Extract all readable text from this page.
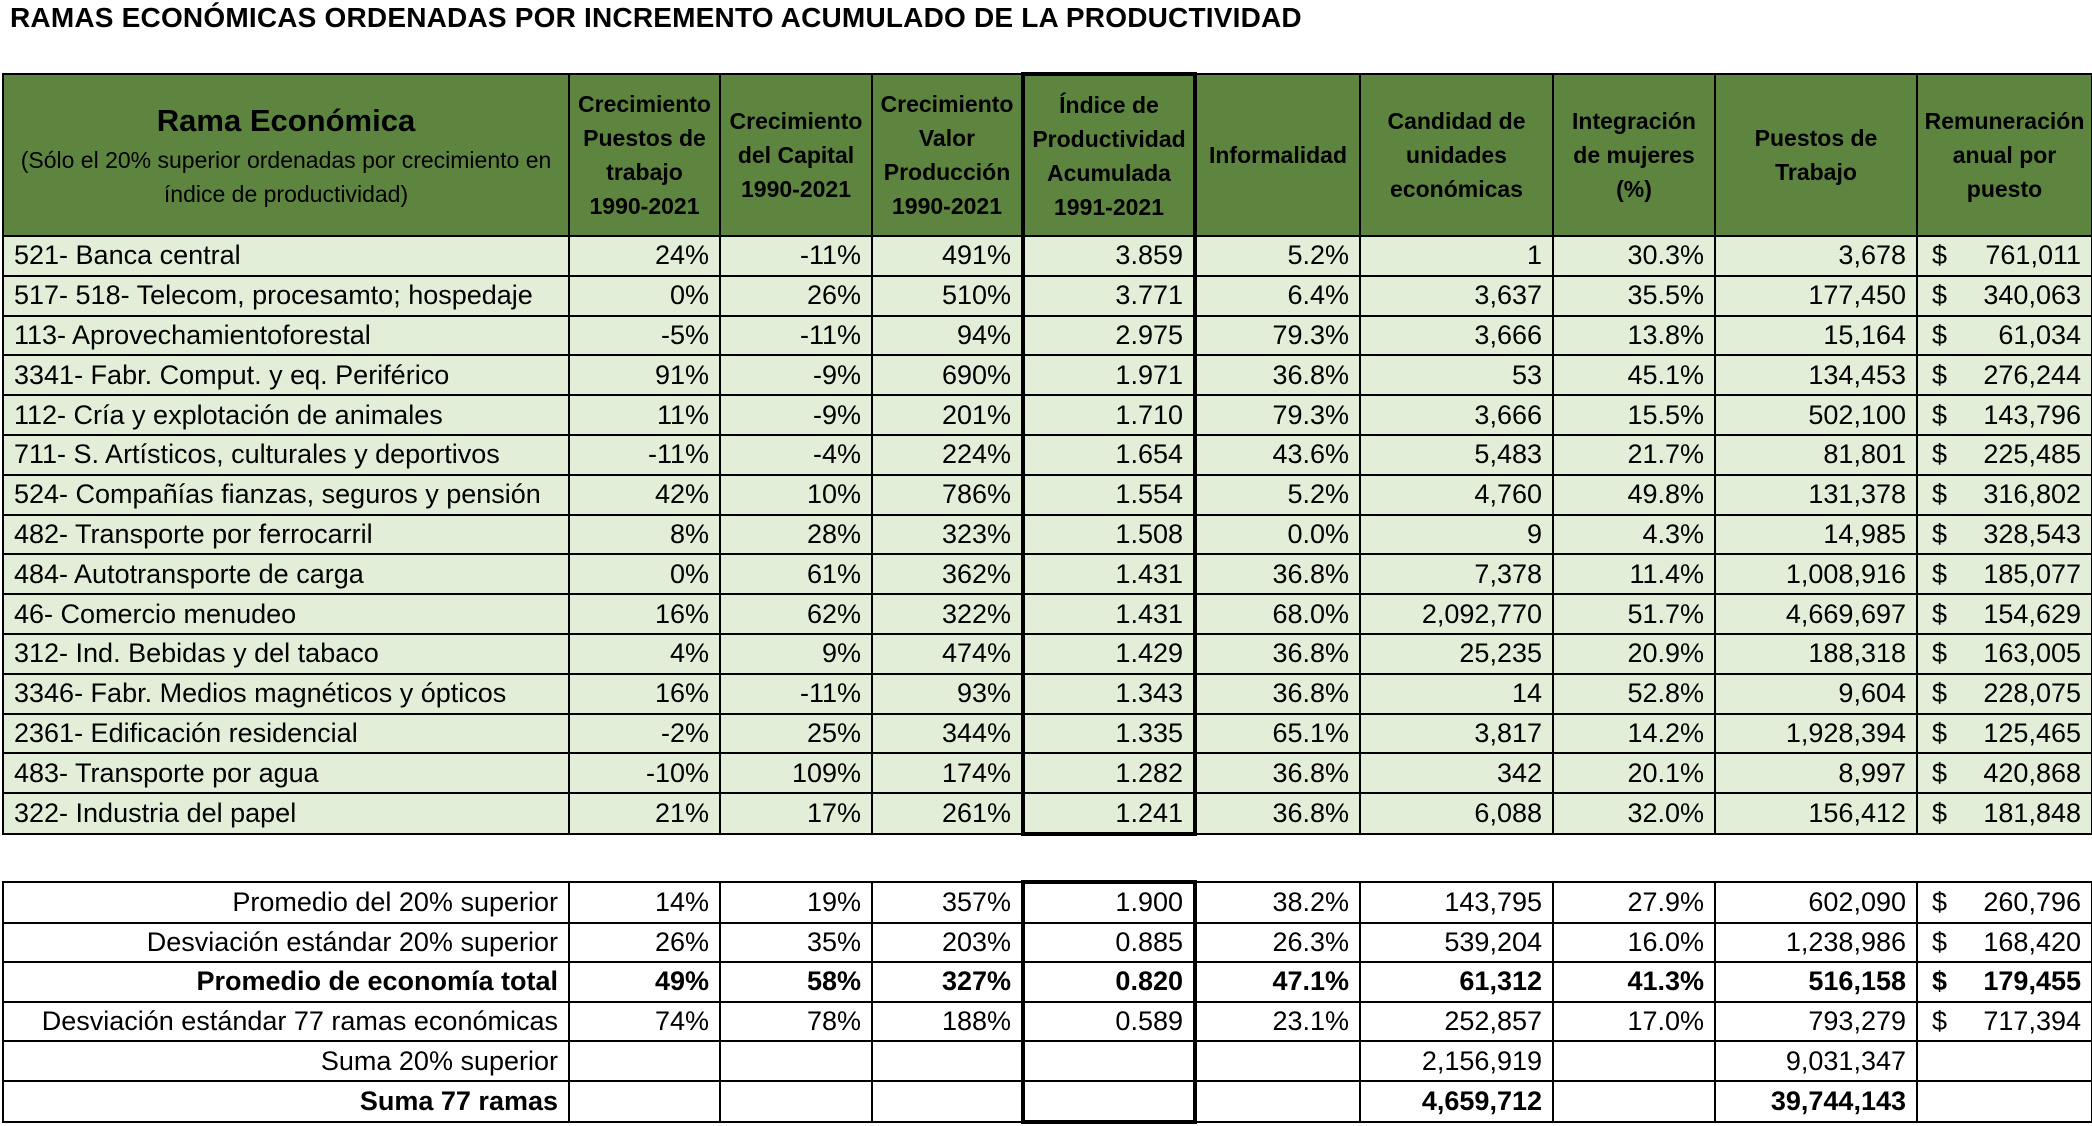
RAMAS ECONÓMICAS ORDENADAS POR INCREMENTO ACUMULADO DE LA PRODUCTIVIDAD
Rama Económica
(Sólo el 20% superior ordenadas por crecimiento en índice de productividad)	Crecimiento Puestos de trabajo 1990-2021	Crecimiento del Capital 1990-2021	Crecimiento Valor Producción 1990-2021	Índice de Productividad Acumulada 1991-2021	Informalidad	Candidad de unidades económicas	Integración de mujeres (%)	Puestos de Trabajo	Remuneración anual por puesto
521- Banca central	24%	-11%	491%	3.859	5.2%	1	30.3%	3,678	$ 761,011

517- 518- Telecom, procesamto; hospedaje	0%	26%	510%	3.771	6.4%	3,637	35.5%	177,450	$ 340,063

113- Aprovechamientoforestal	-5%	-11%	94%	2.975	79.3%	3,666	13.8%	15,164	$ 61,034

3341- Fabr. Comput. y eq. Periférico	91%	-9%	690%	1.971	36.8%	53	45.1%	134,453	$ 276,244

112- Cría y explotación de animales	11%	-9%	201%	1.710	79.3%	3,666	15.5%	502,100	$ 143,796

711- S. Artísticos, culturales y deportivos	-11%	-4%	224%	1.654	43.6%	5,483	21.7%	81,801	$ 225,485

524- Compañías fianzas, seguros y pensión	42%	10%	786%	1.554	5.2%	4,760	49.8%	131,378	$ 316,802

482- Transporte por ferrocarril	8%	28%	323%	1.508	0.0%	9	4.3%	14,985	$ 328,543

484- Autotransporte de carga	0%	61%	362%	1.431	36.8%	7,378	11.4%	1,008,916	$ 185,077

46- Comercio menudeo	16%	62%	322%	1.431	68.0%	2,092,770	51.7%	4,669,697	$ 154,629

312- Ind. Bebidas y del tabaco	4%	9%	474%	1.429	36.8%	25,235	20.9%	188,318	$ 163,005

3346- Fabr. Medios magnéticos y ópticos	16%	-11%	93%	1.343	36.8%	14	52.8%	9,604	$ 228,075

2361- Edificación residencial	-2%	25%	344%	1.335	65.1%	3,817	14.2%	1,928,394	$ 125,465

483- Transporte por agua	-10%	109%	174%	1.282	36.8%	342	20.1%	8,997	$ 420,868

322- Industria del papel	21%	17%	261%	1.241	36.8%	6,088	32.0%	156,412	$ 181,848
Promedio del 20% superior	14%	19%	357%	1.900	38.2%	143,795	27.9%	602,090	$ 260,796

Desviación estándar 20% superior	26%	35%	203%	0.885	26.3%	539,204	16.0%	1,238,986	$ 168,420

Promedio de economía total	49%	58%	327%	0.820	47.1%	61,312	41.3%	516,158	$ 179,455

Desviación estándar 77 ramas económicas	74%	78%	188%	0.589	23.1%	252,857	17.0%	793,279	$ 717,394

Suma 20% superior						2,156,919		9,031,347	

Suma 77 ramas						4,659,712		39,744,143	
